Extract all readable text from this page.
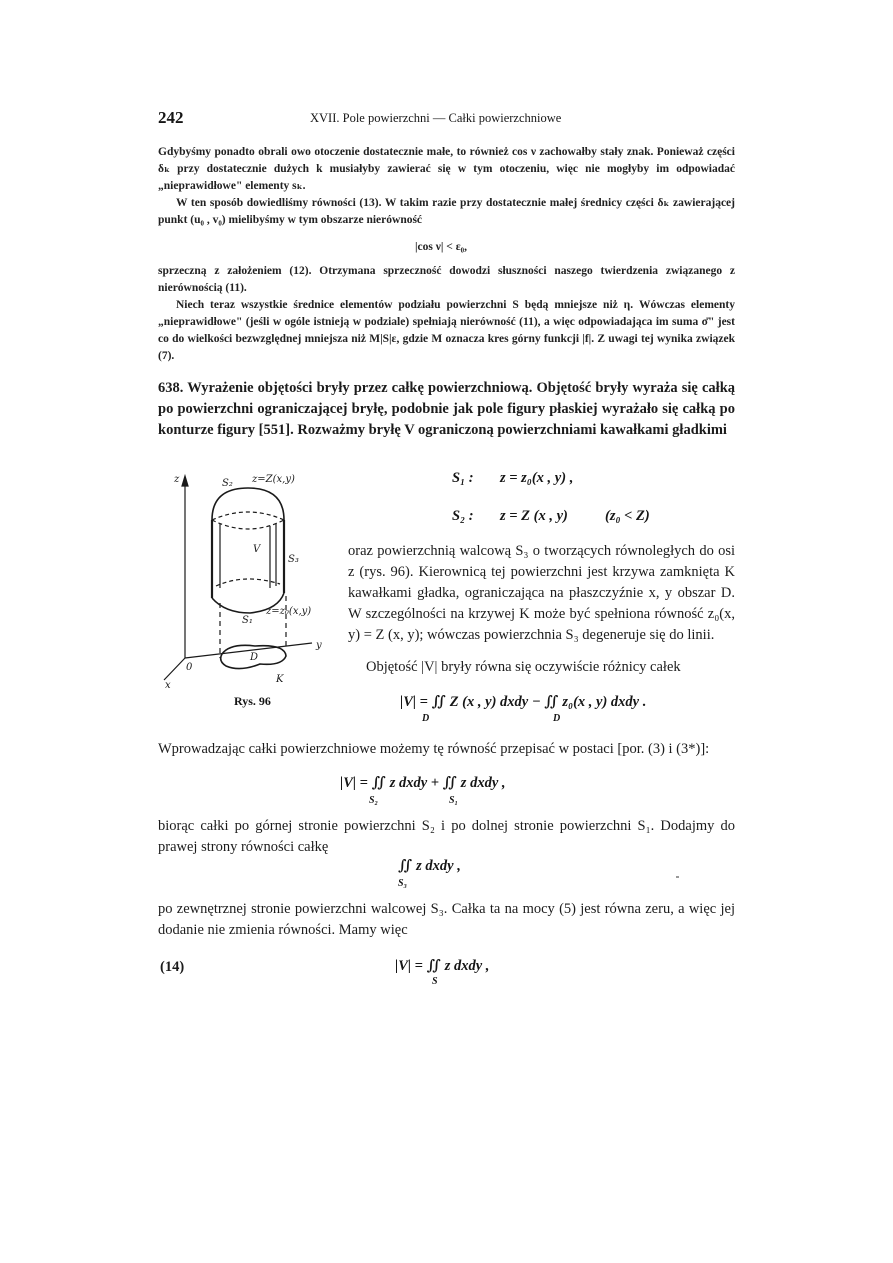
242	XVII. Pole powierzchni — Całki powierzchniowe

Gdybyśmy ponadto obrali owo otoczenie dostatecznie małe, to również cos ν zachowałby stały znak. Ponieważ części δₖ przy dostatecznie dużych k musiałyby zawierać się w tym otoczeniu, więc nie mogłyby im odpowiadać „nieprawidłowe" elementy sₖ.

W ten sposób dowiedliśmy równości (13). W takim razie przy dostatecznie małej średnicy części δₖ zawierającej punkt (u₀ , v₀) mielibyśmy w tym obszarze nierówność

|cos ν| < ε₀,

sprzeczną z założeniem (12). Otrzymana sprzeczność dowodzi słuszności naszego twierdzenia związanego z nierównością (11).

Niech teraz wszystkie średnice elementów podziału powierzchni S będą mniejsze niż η. Wówczas elementy „nieprawidłowe" (jeśli w ogóle istnieją w podziale) spełniają nierówność (11), a więc odpowiadająca im suma σ̄" jest co do wielkości bezwzględnej mniejsza niż M|S|ε, gdzie M oznacza kres górny funkcji |f|. Z uwagi tej wynika związek (7).

638. Wyrażenie objętości bryły przez całkę powierzchniową. Objętość bryły wyraża się całką po powierzchni ograniczającej bryłę, podobnie jak pole figury płaskiej wyrażało się całką po konturze figury [551]. Rozważmy bryłę V ograniczoną powierzchniami kawałkami gładkimi

z
x
y
0
S₂ z=Z(x,y)
S₃
V
S₁
z=z₀(x,y)
D
K
Rys. 96
S₁ : z = z₀(x , y) ,
S₂ : z = Z (x , y)	(z₀ < Z)

oraz powierzchnią walcową S₃ o tworzących równoległych do osi z (rys. 96). Kierownicą tej powierzchni jest krzywa zamknięta K kawałkami gładka, ograniczająca na płaszczyźnie x, y obszar D. W szczególności na krzywej K może być spełniona równość z₀(x, y) = Z (x, y); wówczas powierzchnia S₃ degeneruje się do linii.

Objętość |V| bryły równa się oczywiście różnicy całek

|V| = ∬ Z (x , y) dxdy − ∬ z₀(x , y) dxdy .
D	D

Wprowadzając całki powierzchniowe możemy tę równość przepisać w postaci [por. (3) i (3*)]:

|V| = ∬ z dxdy + ∬ z dxdy ,
S₂	S₁

biorąc całki po górnej stronie powierzchni S₂ i po dolnej stronie powierzchni S₁. Dodajmy do prawej strony równości całkę

∬ z dxdy ,
S₃

po zewnętrznej stronie powierzchni walcowej S₃. Całka ta na mocy (5) jest równa zeru, a więc jej dodanie nie zmienia równości. Mamy więc

(14)	|V| = ∬ z dxdy ,
S
